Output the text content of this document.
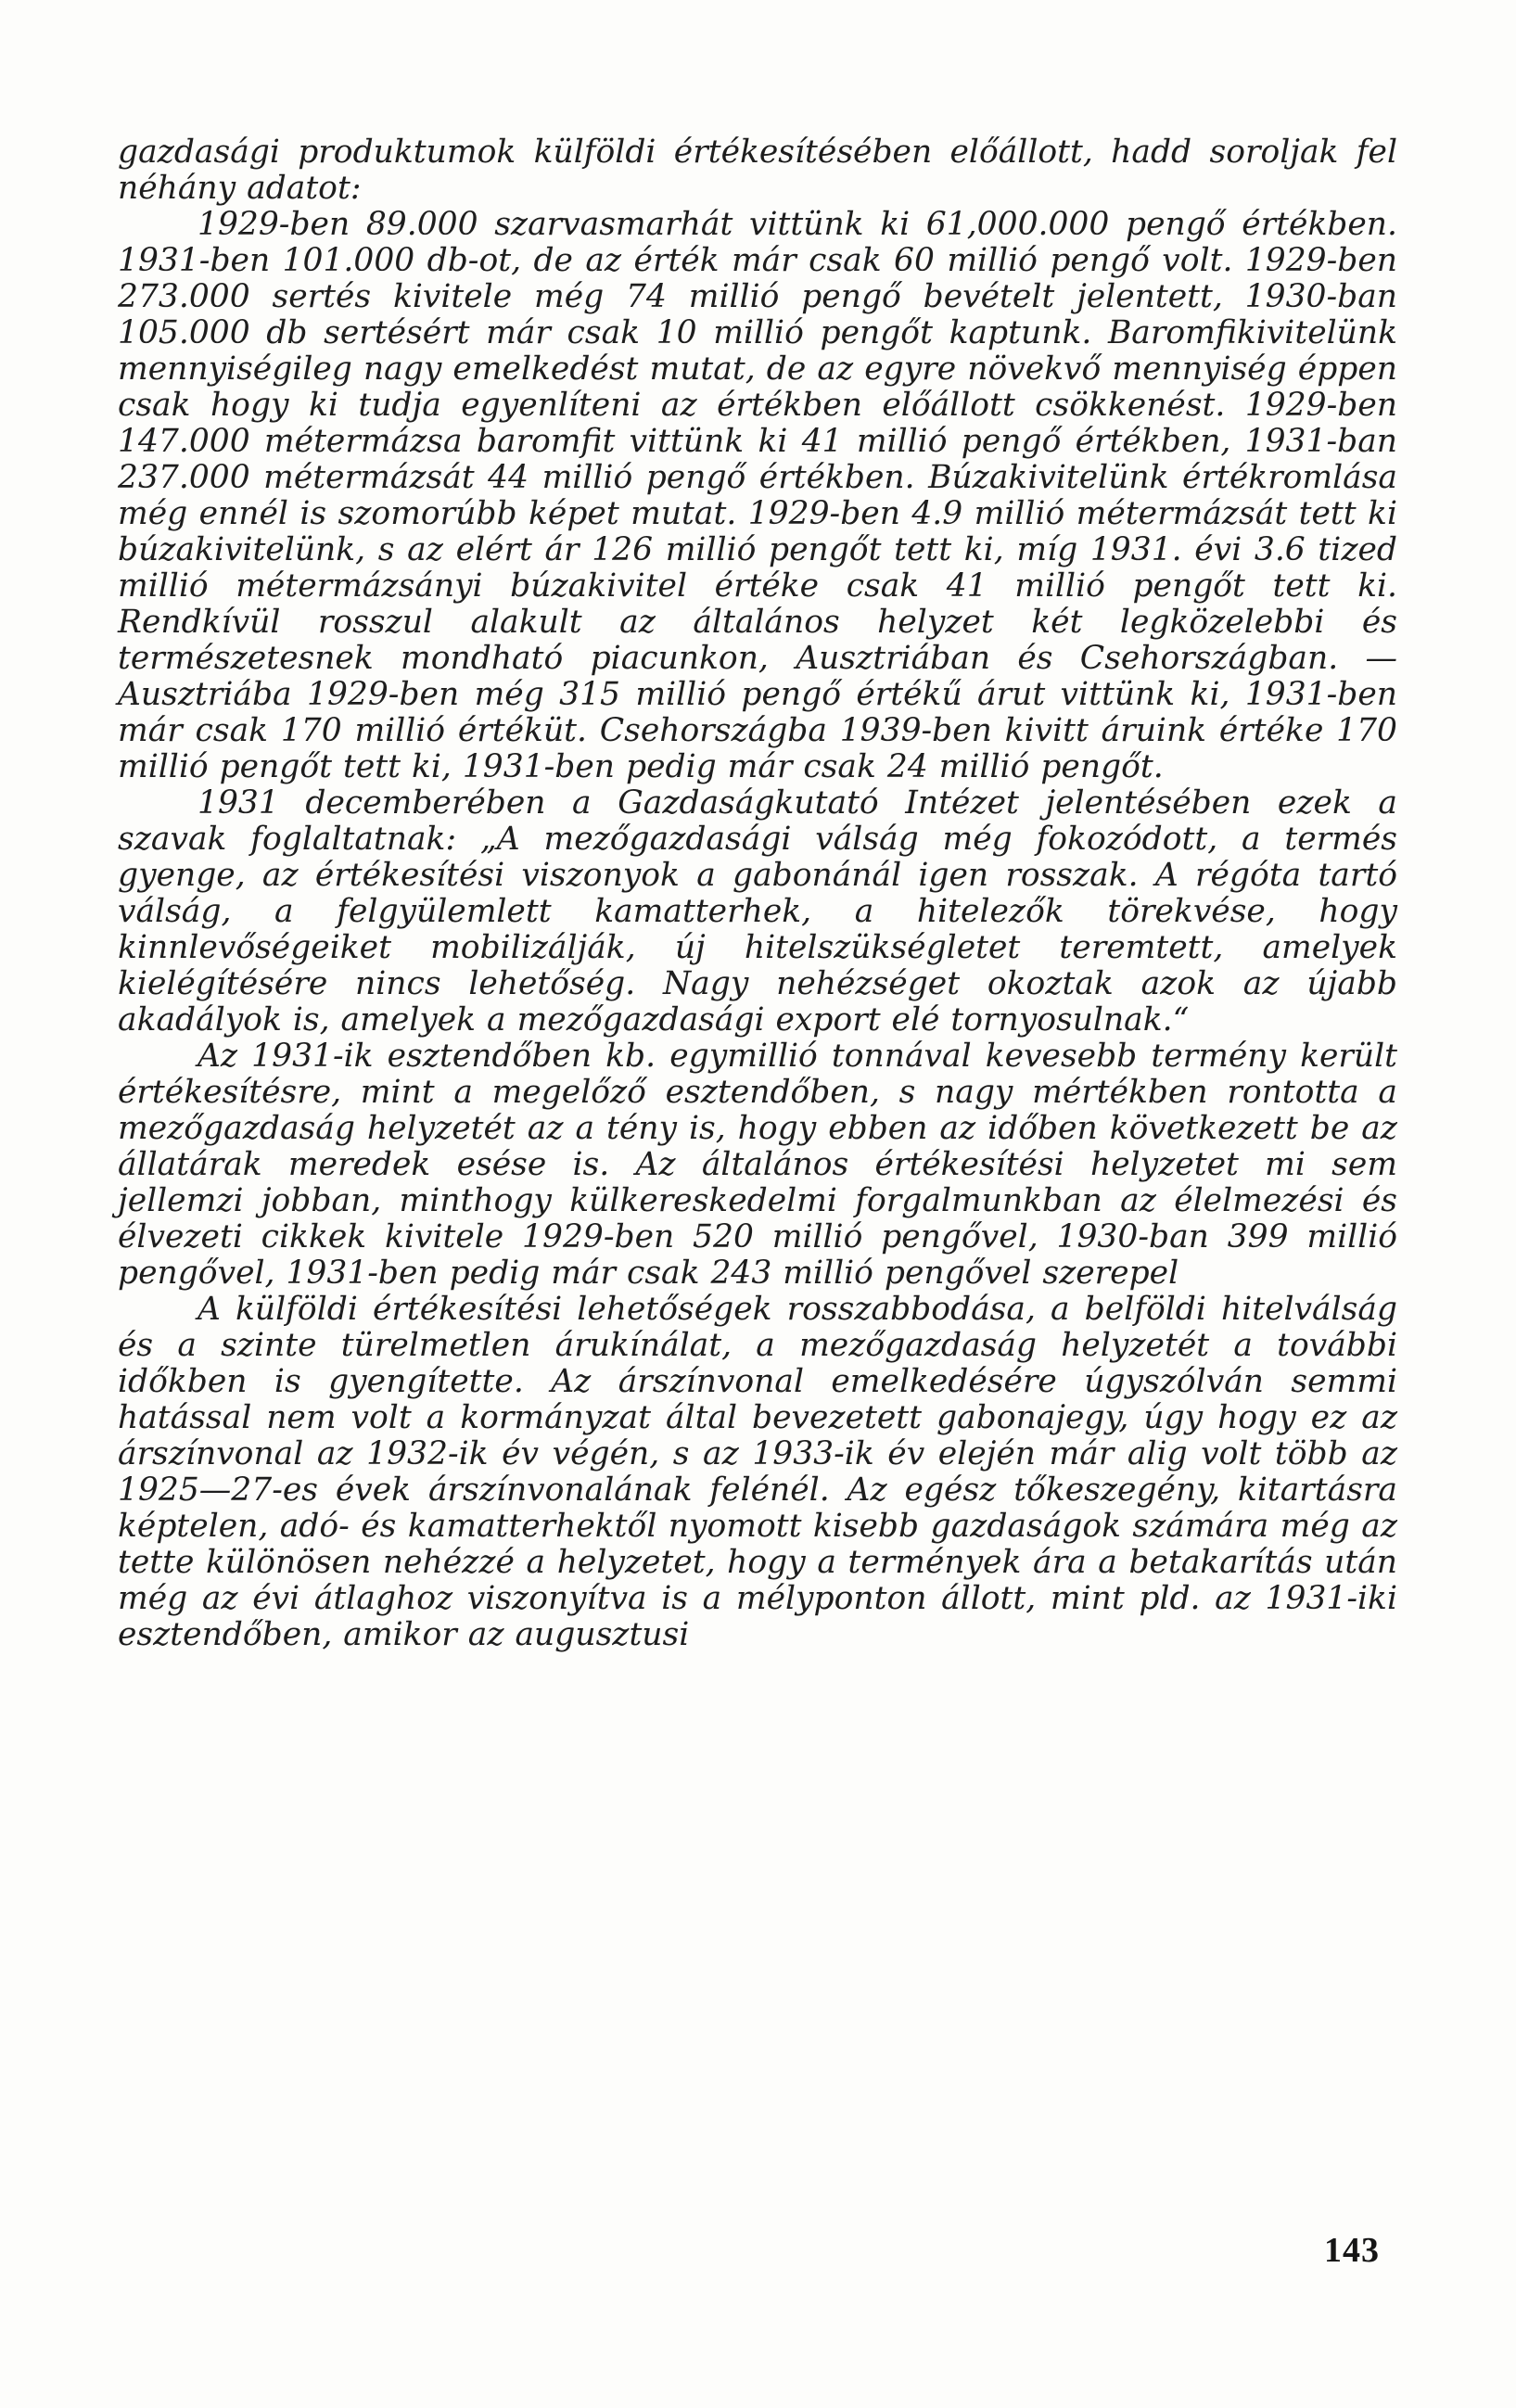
gazdasági produktumok külföldi értékesítésében előállott, hadd soroljak fel néhány adatot:

1929-ben 89.000 szarvasmarhát vittünk ki 61,000.000 pengő értékben. 1931-ben 101.000 db-ot, de az érték már csak 60 millió pengő volt. 1929-ben 273.000 sertés kivitele még 74 millió pengő bevételt jelentett, 1930-ban 105.000 db sertésért már csak 10 millió pengőt kaptunk. Baromfikivitelünk mennyiségileg nagy emelkedést mutat, de az egyre növekvő mennyiség éppen csak hogy ki tudja egyenlíteni az értékben előállott csökkenést. 1929-ben 147.000 métermázsa baromfit vittünk ki 41 millió pengő értékben, 1931-ban 237.000 métermázsát 44 millió pengő értékben. Búzakivitelünk értékromlása még ennél is szomorúbb képet mutat. 1929-ben 4.9 millió métermázsát tett ki búzakivitelünk, s az elért ár 126 millió pengőt tett ki, míg 1931. évi 3.6 tized millió métermázsányi búzakivitel értéke csak 41 millió pengőt tett ki. Rendkívül rosszul alakult az általános helyzet két legközelebbi és természetesnek mondható piacunkon, Ausztriában és Csehországban. — Ausztriába 1929-ben még 315 millió pengő értékű árut vittünk ki, 1931-ben már csak 170 millió értéküt. Csehországba 1939-ben kivitt áruink értéke 170 millió pengőt tett ki, 1931-ben pedig már csak 24 millió pengőt.

1931 decemberében a Gazdaságkutató Intézet jelentésében ezek a szavak foglaltatnak: „A mezőgazdasági válság még fokozódott, a termés gyenge, az értékesítési viszonyok a gabonánál igen rosszak. A régóta tartó válság, a felgyülemlett kamatterhek, a hitelezők törekvése, hogy kinnlevőségeiket mobilizálják, új hitelszükségletet teremtett, amelyek kielégítésére nincs lehetőség. Nagy nehézséget okoztak azok az újabb akadályok is, amelyek a mezőgazdasági export elé tornyosulnak.“

Az 1931-ik esztendőben kb. egymillió tonnával kevesebb termény került értékesítésre, mint a megelőző esztendőben, s nagy mértékben rontotta a mezőgazdaság helyzetét az a tény is, hogy ebben az időben következett be az állatárak meredek esése is. Az általános értékesítési helyzetet mi sem jellemzi jobban, minthogy külkereskedelmi forgalmunkban az élelmezési és élvezeti cikkek kivitele 1929-ben 520 millió pengővel, 1930-ban 399 millió pengővel, 1931-ben pedig már csak 243 millió pengővel szerepel

A külföldi értékesítési lehetőségek rosszabbodása, a belföldi hitelválság és a szinte türelmetlen árukínálat, a mezőgazdaság helyzetét a további időkben is gyengítette. Az árszínvonal emelkedésére úgyszólván semmi hatással nem volt a kormányzat által bevezetett gabonajegy, úgy hogy ez az árszínvonal az 1932-ik év végén, s az 1933-ik év elején már alig volt több az 1925—27-es évek árszínvonalának felénél. Az egész tőkeszegény, kitartásra képtelen, adó- és kamatterhektől nyomott kisebb gazdaságok számára még az tette különösen nehézzé a helyzetet, hogy a termények ára a betakarítás után még az évi átlaghoz viszonyítva is a mélyponton állott, mint pld. az 1931-iki esztendőben, amikor az augusztusi

143
